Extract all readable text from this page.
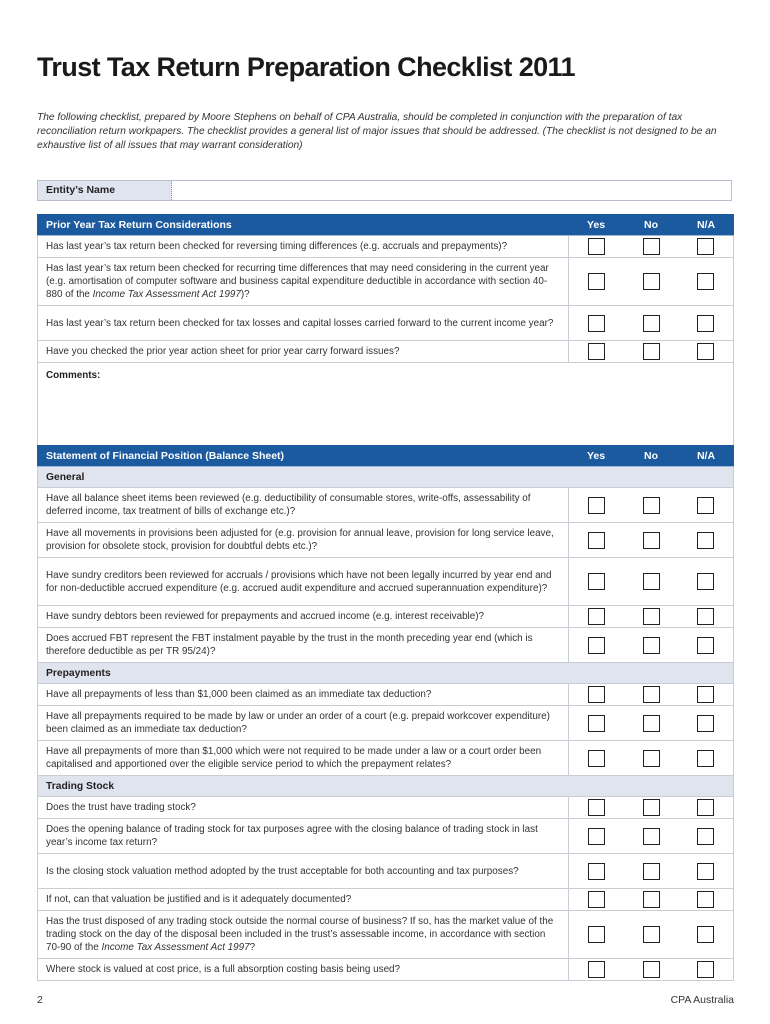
Trust Tax Return Preparation Checklist 2011

The following checklist, prepared by Moore Stephens on behalf of CPA Australia, should be completed in conjunction with the preparation of tax reconciliation return workpapers. The checklist provides a general list of major issues that should be addressed. (The checklist is not designed to be an exhaustive list of all issues that may warrant consideration)

Entity’s Name
Prior Year Tax Return Considerations	Yes	No	N/A
Has last year’s tax return been checked for reversing timing differences (e.g. accruals and prepayments)?			
Has last year’s tax return been checked for recurring time differences that may need considering in the current year (e.g. amortisation of computer software and business capital expenditure deductible in accordance with section 40-880 of the Income Tax Assessment Act 1997)?			
Has last year’s tax return been checked for tax losses and capital losses carried forward to the current income year?			
Have you checked the prior year action sheet for prior year carry forward issues?			
Comments:			
Statement of Financial Position (Balance Sheet)	Yes	No	N/A
General			
Have all balance sheet items been reviewed (e.g. deductibility of consumable stores, write-offs, assessability of deferred income, tax treatment of bills of exchange etc.)?			
Have all movements in provisions been adjusted for (e.g. provision for annual leave, provision for long service leave, provision for obsolete stock, provision for doubtful debts etc.)?			
Have sundry creditors been reviewed for accruals / provisions which have not been legally incurred by year end and for non-deductible accrued expenditure (e.g. accrued audit expenditure and accrued superannuation expenditure)?			
Have sundry debtors been reviewed for prepayments and accrued income (e.g. interest receivable)?			
Does accrued FBT represent the FBT instalment payable by the trust in the month preceding year end (which is therefore deductible as per TR 95/24)?			
Prepayments			
Have all prepayments of less than $1,000 been claimed as an immediate tax deduction?			
Have all prepayments required to be made by law or under an order of a court (e.g. prepaid workcover expenditure) been claimed as an immediate tax deduction?			
Have all prepayments of more than $1,000 which were not required to be made under a law or a court order been capitalised and apportioned over the eligible service period to which the prepayment relates?			
Trading Stock			
Does the trust have trading stock?			
Does the opening balance of trading stock for tax purposes agree with the closing balance of trading stock in last year’s income tax return?			
Is the closing stock valuation method adopted by the trust acceptable for both accounting and tax purposes?			
If not, can that valuation be justified and is it adequately documented?			
Has the trust disposed of any trading stock outside the normal course of business? If so, has the market value of the trading stock on the day of the disposal been included in the trust’s assessable income, in accordance with section 70-90 of the Income Tax Assessment Act 1997?			
Where stock is valued at cost price, is a full absorption costing basis being used?			
2	CPA Australia
